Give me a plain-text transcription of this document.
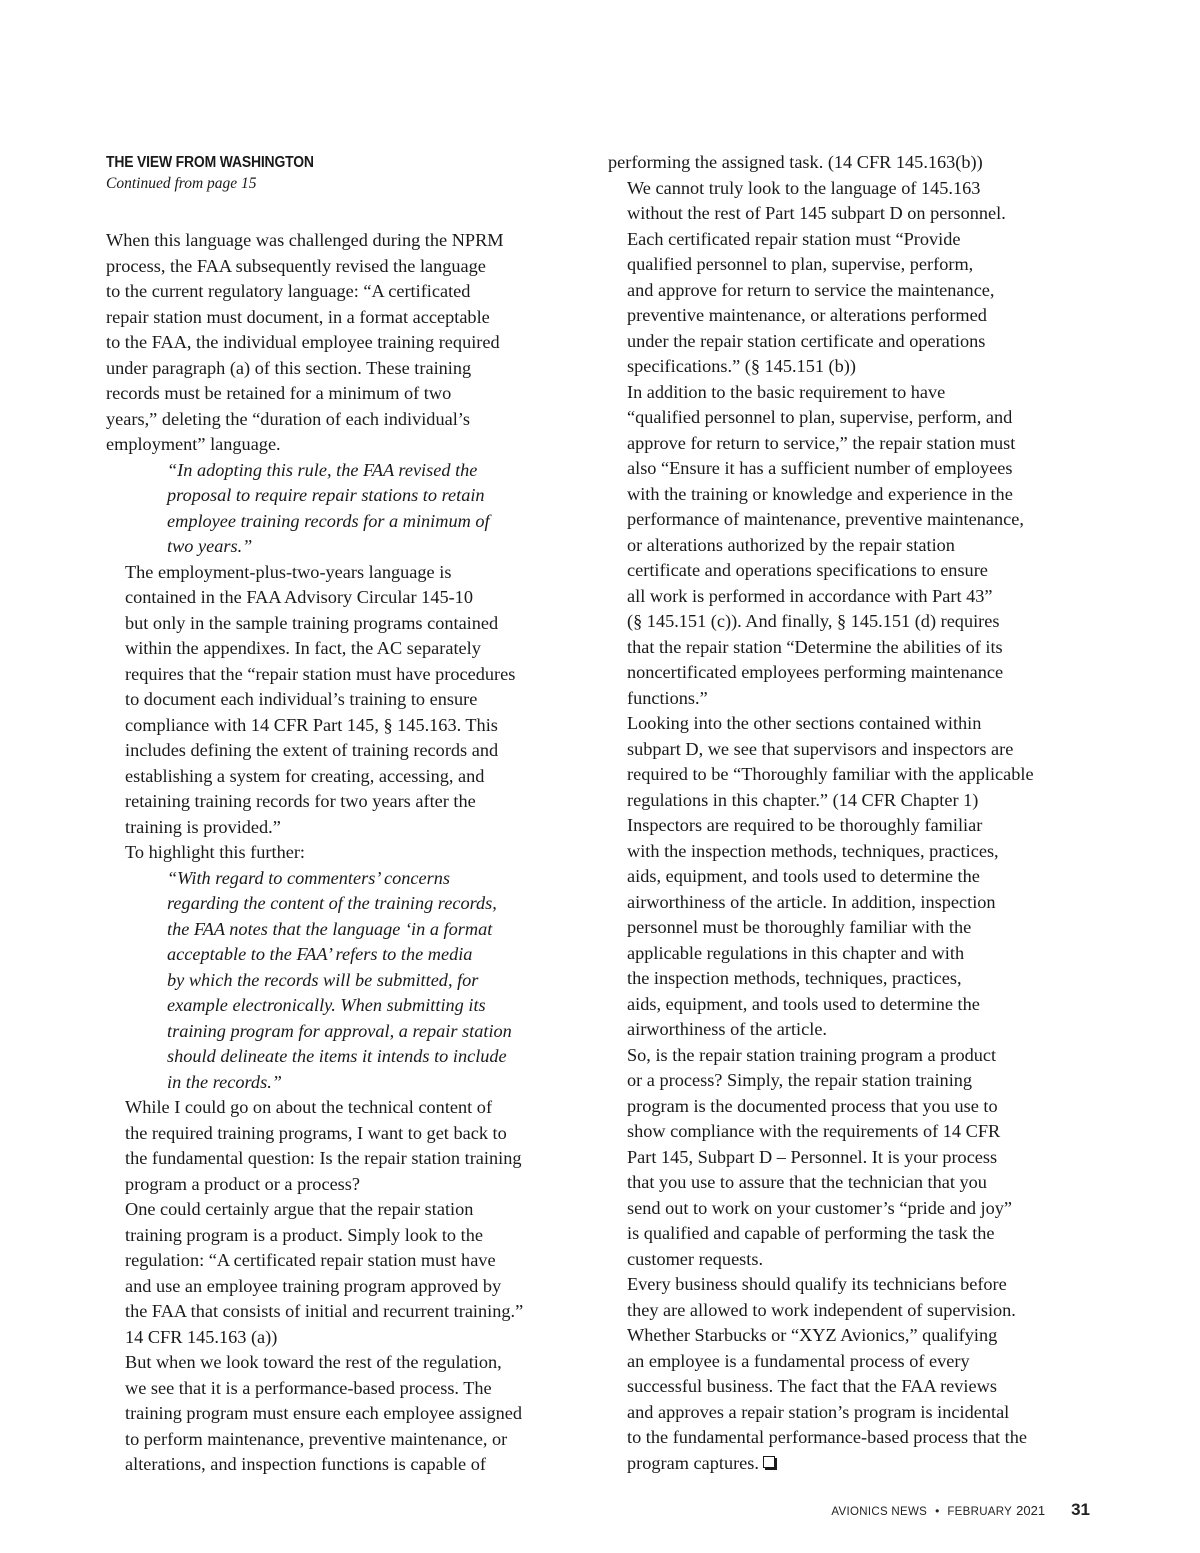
THE VIEW FROM WASHINGTON

Continued from page 15

When this language was challenged during the NPRM
process, the FAA subsequently revised the language
to the current regulatory language: “A certificated
repair station must document, in a format acceptable
to the FAA, the individual employee training required
under paragraph (a) of this section. These training
records must be retained for a minimum of two
years,” deleting the “duration of each individual’s
employment” language.

“In adopting this rule, the FAA revised the
proposal to require repair stations to retain
employee training records for a minimum of
two years.”

The employment-plus-two-years language is
contained in the FAA Advisory Circular 145-10
but only in the sample training programs contained
within the appendixes. In fact, the AC separately
requires that the “repair station must have procedures
to document each individual’s training to ensure
compliance with 14 CFR Part 145, § 145.163. This
includes defining the extent of training records and
establishing a system for creating, accessing, and
retaining training records for two years after the
training is provided.”

To highlight this further:

“With regard to commenters’ concerns
regarding the content of the training records,
the FAA notes that the language ‘in a format
acceptable to the FAA’ refers to the media
by which the records will be submitted, for
example electronically. When submitting its
training program for approval, a repair station
should delineate the items it intends to include
in the records.”

While I could go on about the technical content of
the required training programs, I want to get back to
the fundamental question: Is the repair station training
program a product or a process?

One could certainly argue that the repair station
training program is a product. Simply look to the
regulation: “A certificated repair station must have
and use an employee training program approved by
the FAA that consists of initial and recurrent training.”
14 CFR 145.163 (a))

But when we look toward the rest of the regulation,
we see that it is a performance-based process. The
training program must ensure each employee assigned
to perform maintenance, preventive maintenance, or
alterations, and inspection functions is capable of

performing the assigned task. (14 CFR 145.163(b))

We cannot truly look to the language of 145.163
without the rest of Part 145 subpart D on personnel.
Each certificated repair station must “Provide
qualified personnel to plan, supervise, perform,
and approve for return to service the maintenance,
preventive maintenance, or alterations performed
under the repair station certificate and operations
specifications.” (§ 145.151 (b))

In addition to the basic requirement to have
“qualified personnel to plan, supervise, perform, and
approve for return to service,” the repair station must
also “Ensure it has a sufficient number of employees
with the training or knowledge and experience in the
performance of maintenance, preventive maintenance,
or alterations authorized by the repair station
certificate and operations specifications to ensure
all work is performed in accordance with Part 43”
(§ 145.151 (c)). And finally, § 145.151 (d) requires
that the repair station “Determine the abilities of its
noncertificated employees performing maintenance
functions.”

Looking into the other sections contained within
subpart D, we see that supervisors and inspectors are
required to be “Thoroughly familiar with the applicable
regulations in this chapter.” (14 CFR Chapter 1)

Inspectors are required to be thoroughly familiar
with the inspection methods, techniques, practices,
aids, equipment, and tools used to determine the
airworthiness of the article. In addition, inspection
personnel must be thoroughly familiar with the
applicable regulations in this chapter and with
the inspection methods, techniques, practices,
aids, equipment, and tools used to determine the
airworthiness of the article.

So, is the repair station training program a product
or a process? Simply, the repair station training
program is the documented process that you use to
show compliance with the requirements of 14 CFR
Part 145, Subpart D – Personnel. It is your process
that you use to assure that the technician that you
send out to work on your customer’s “pride and joy”
is qualified and capable of performing the task the
customer requests.

Every business should qualify its technicians before
they are allowed to work independent of supervision.
Whether Starbucks or “XYZ Avionics,” qualifying
an employee is a fundamental process of every
successful business. The fact that the FAA reviews
and approves a repair station’s program is incidental
to the fundamental performance-based process that the
program captures.

AVIONICS NEWS • FEBRUARY 2021 31
